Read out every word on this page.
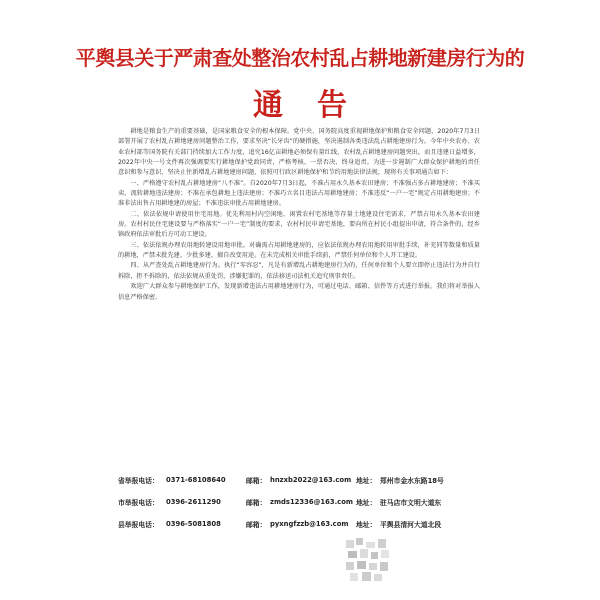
平舆县关于严肃查处整治农村乱占耕地新建房行为的
通告

耕地是粮食生产的重要基础，是国家粮食安全的根本保障。党中央、国务院高度重视耕地保护和粮食安全问题，2020年7月3日部署开展了农村乱占耕地建房问题整治工作，要求坚决“长牙齿”的硬措施，坚决遏制各类违法乱占耕地建房行为。今年中央农办、农业农村部等国务院有关部门持续加大工作力度，追究16亿亩耕地必须保有量红线，农村乱占耕地建房问题突出，而且违建日益增多，2022年中央一号文件再次强调要实行耕地保护党政同责，严格考核、一票否决、终身追责。为进一步遏制广大群众保护耕地的责任意识和参与意识，坚决止住新增乱占耕地建房问题，依照可行政区耕地保护和节约用地法律法规，现将有关事项通告如下：

一、严格遵守农村乱占耕地建房“八不准”。自2020年7月3日起，不准占用永久基本农田建房；不准强占多占耕地建房；不准买卖、流转耕地违法建房；不准在承包耕地上违法建房；不准巧立名目违法占用耕地建房；不准违反“一户一宅”规定占用耕地建房；不准非法出售占用耕地建的房屋；不准违法审批占用耕地建房。

二、依法依规申请使用住宅用地。优先利用村内空闲地、闲置农村宅基地等存量土地建设住宅需求，严禁占用永久基本农田建房。农村村民住宅建设要与严格落实“一户一宅”制度的要求，农村村民申请宅基地，要向所在村民小组提出申请，符合条件的，经乡镇政府依法审批后方可动工建设。

三、依法依规办理农用地转建设用地审批。对确需占用耕地建房的，应依法依规办理农用地转用审批手续，补充同等数量和质量的耕地，严禁未批先建、少批多建、擅自改变用途。在未完成相关审批手续前，严禁任何单位和个人开工建设。

四、从严查处乱占耕地建房行为。执行“零容忍”，凡是有新增乱占耕地建房行为的，任何单位和个人要立即停止违法行为并自行拆除，拒不拆除的，依法依规从重处罚，涉嫌犯罪的，依法移送司法机关追究刑事责任。

欢迎广大群众参与耕地保护工作，发现新增违法占用耕地建房行为，可通过电话、邮箱、信件等方式进行举报。我们将对举报人信息严格保密。

省举报电话：	0371-68108640	邮箱： hnzxb2022@163.com 地址： 郑州市金水东路18号
市举报电话：	0396-2611290	邮箱： zmds12336@163.com 地址： 驻马店市文明大道东
县举报电话：	0396-5081808	邮箱： pyxngfzzb@163.com	地址： 平舆县清河大道北段
